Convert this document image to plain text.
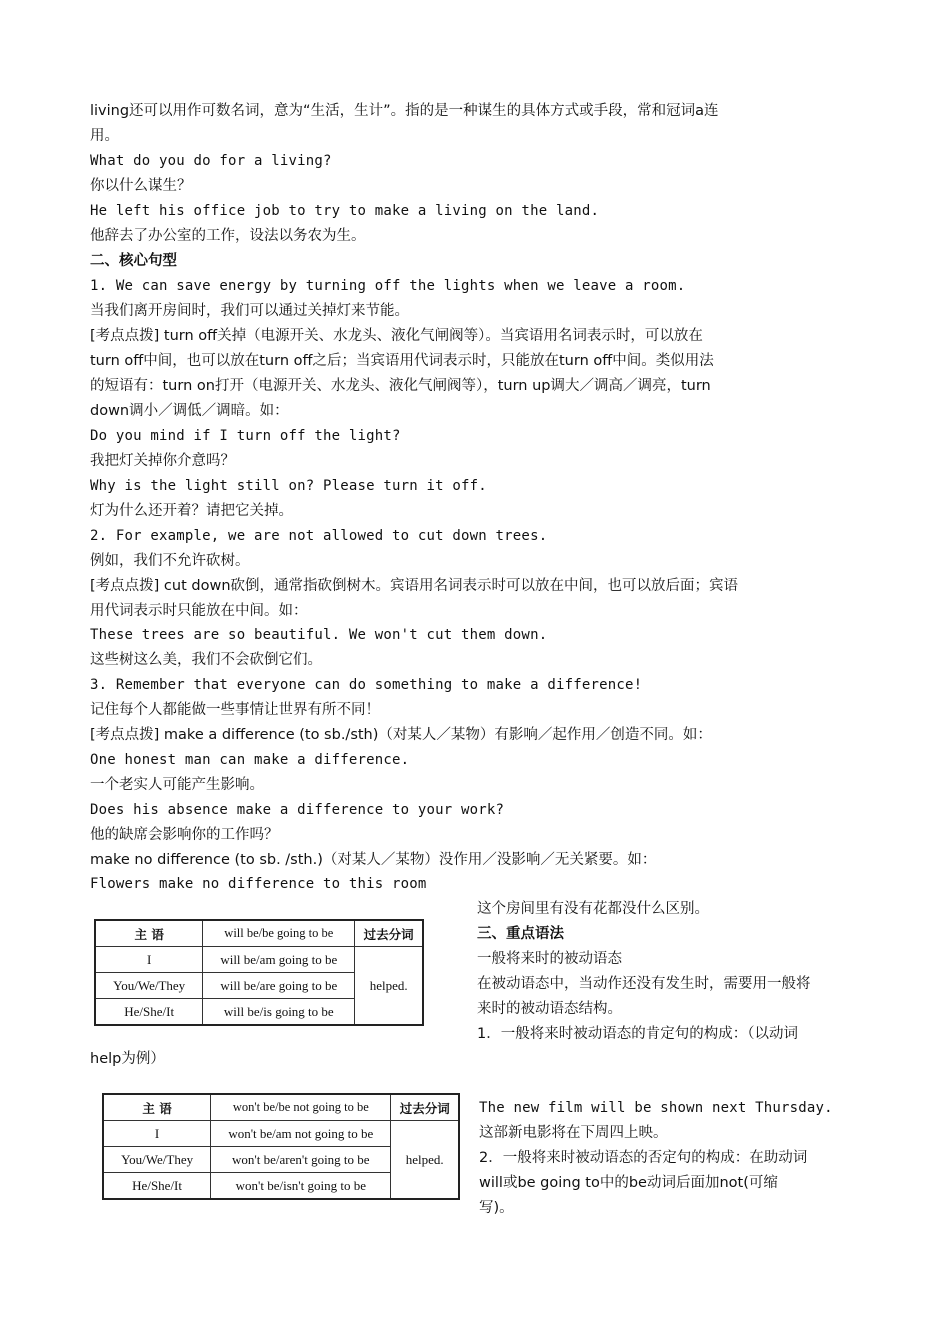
living还可以用作可数名词，意为“生活，生计”。指的是一种谋生的具体方式或手段，常和冠词a连
用。
What do you do for a living?
你以什么谋生？
He left his office job to try to make a living on the land.
他辞去了办公室的工作，设法以务农为生。
二、核心句型
1. We can save energy by turning off the lights when we leave a room.
当我们离开房间时，我们可以通过关掉灯来节能。
[考点点拨] turn off关掉（电源开关、水龙头、液化气闸阀等）。当宾语用名词表示时，可以放在
turn off中间，也可以放在turn off之后；当宾语用代词表示时，只能放在turn off中间。类似用法
的短语有：turn on打开（电源开关、水龙头、液化气闸阀等），turn up调大／调高／调亮，turn
down调小／调低／调暗。如：
Do you mind if I turn off the light?
我把灯关掉你介意吗？
Why is the light still on? Please turn it off.
灯为什么还开着？请把它关掉。
2. For example, we are not allowed to cut down trees.
例如，我们不允许砍树。
[考点点拨] cut down砍倒，通常指砍倒树木。宾语用名词表示时可以放在中间，也可以放后面；宾语
用代词表示时只能放在中间。如：
These trees are so beautiful. We won't cut them down.
这些树这么美，我们不会砍倒它们。
3. Remember that everyone can do something to make a difference!
记住每个人都能做一些事情让世界有所不同！
[考点点拨] make a difference (to sb./sth)（对某人／某物）有影响／起作用／创造不同。如：
One honest man can make a difference.
一个老实人可能产生影响。
Does his absence make a difference to your work?
他的缺席会影响你的工作吗？
make no difference (to sb. /sth.)（对某人／某物）没作用／没影响／无关紧要。如：
Flowers make no difference to this room
这个房间里有没有花都没什么区别。
三、重点语法
一般将来时的被动语态
在被动语态中，当动作还没有发生时，需要用一般将
来时的被动语态结构。
1．一般将来时被动语态的肯定句的构成：（以动词
help为例）
主 语	will be/be going to be	过去分词
I	will be/am going to be	helped.
You/We/They	will be/are going to be	
He/She/It	will be/is going to be	
主 语	won't be/be not going to be	过去分词
I	won't be/am not going to be	helped.
You/We/They	won't be/aren't going to be	
He/She/It	won't be/isn't going to be	
The new film will be shown next Thursday.
这部新电影将在下周四上映。
2．一般将来时被动语态的否定句的构成：在助动词
will或be going to中的be动词后面加not(可缩
写)。
